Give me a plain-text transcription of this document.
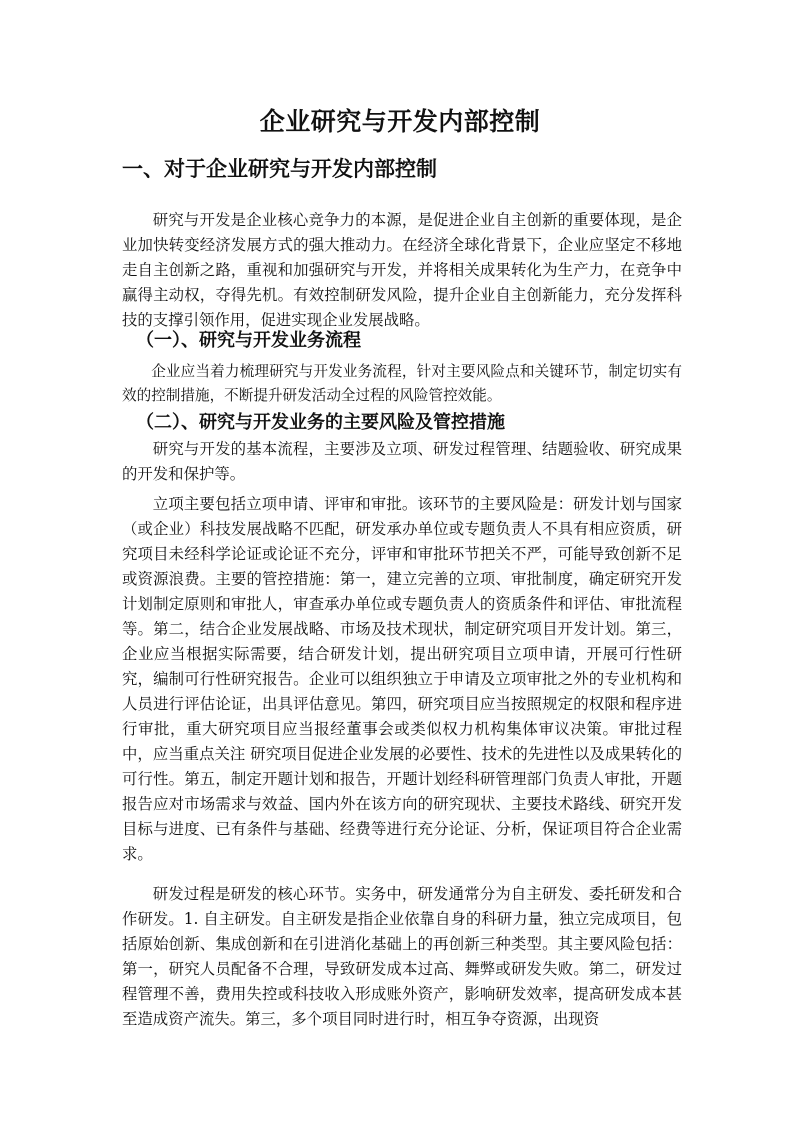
企业研究与开发内部控制
一、对于企业研究与开发内部控制

研究与开发是企业核心竞争力的本源，是促进企业自主创新的重要体现，是企业加快转变经济发展方式的强大推动力。在经济全球化背景下，企业应坚定不移地走自主创新之路，重视和加强研究与开发，并将相关成果转化为生产力，在竞争中赢得主动权，夺得先机。有效控制研发风险，提升企业自主创新能力，充分发挥科技的支撑引领作用，促进实现企业发展战略。

（一）、研究与开发业务流程

企业应当着力梳理研究与开发业务流程，针对主要风险点和关键环节，制定切实有效的控制措施，不断提升研发活动全过程的风险管控效能。

（二）、研究与开发业务的主要风险及管控措施

研究与开发的基本流程，主要涉及立项、研发过程管理、结题验收、研究成果的开发和保护等。

立项主要包括立项申请、评审和审批。该环节的主要风险是：研发计划与国家（或企业）科技发展战略不匹配，研发承办单位或专题负责人不具有相应资质，研究项目未经科学论证或论证不充分，评审和审批环节把关不严，可能导致创新不足或资源浪费。主要的管控措施：第一，建立完善的立项、审批制度，确定研究开发计划制定原则和审批人，审查承办单位或专题负责人的资质条件和评估、审批流程等。第二，结合企业发展战略、市场及技术现状，制定研究项目开发计划。第三，企业应当根据实际需要，结合研发计划，提出研究项目立项申请，开展可行性研究，编制可行性研究报告。企业可以组织独立于申请及立项审批之外的专业机构和人员进行评估论证，出具评估意见。第四，研究项目应当按照规定的权限和程序进行审批，重大研究项目应当报经董事会或类似权力机构集体审议决策。审批过程中，应当重点关注 研究项目促进企业发展的必要性、技术的先进性以及成果转化的可行性。第五，制定开题计划和报告，开题计划经科研管理部门负责人审批，开题报告应对市场需求与效益、国内外在该方向的研究现状、主要技术路线、研究开发目标与进度、已有条件与基础、经费等进行充分论证、分析，保证项目符合企业需求。

研发过程是研发的核心环节。实务中，研发通常分为自主研发、委托研发和合作研发。1. 自主研发。自主研发是指企业依靠自身的科研力量，独立完成项目，包括原始创新、集成创新和在引进消化基础上的再创新三种类型。其主要风险包括：第一，研究人员配备不合理，导致研发成本过高、舞弊或研发失败。第二，研发过程管理不善，费用失控或科技收入形成账外资产，影响研发效率，提高研发成本甚至造成资产流失。第三，多个项目同时进行时，相互争夺资源，出现资
